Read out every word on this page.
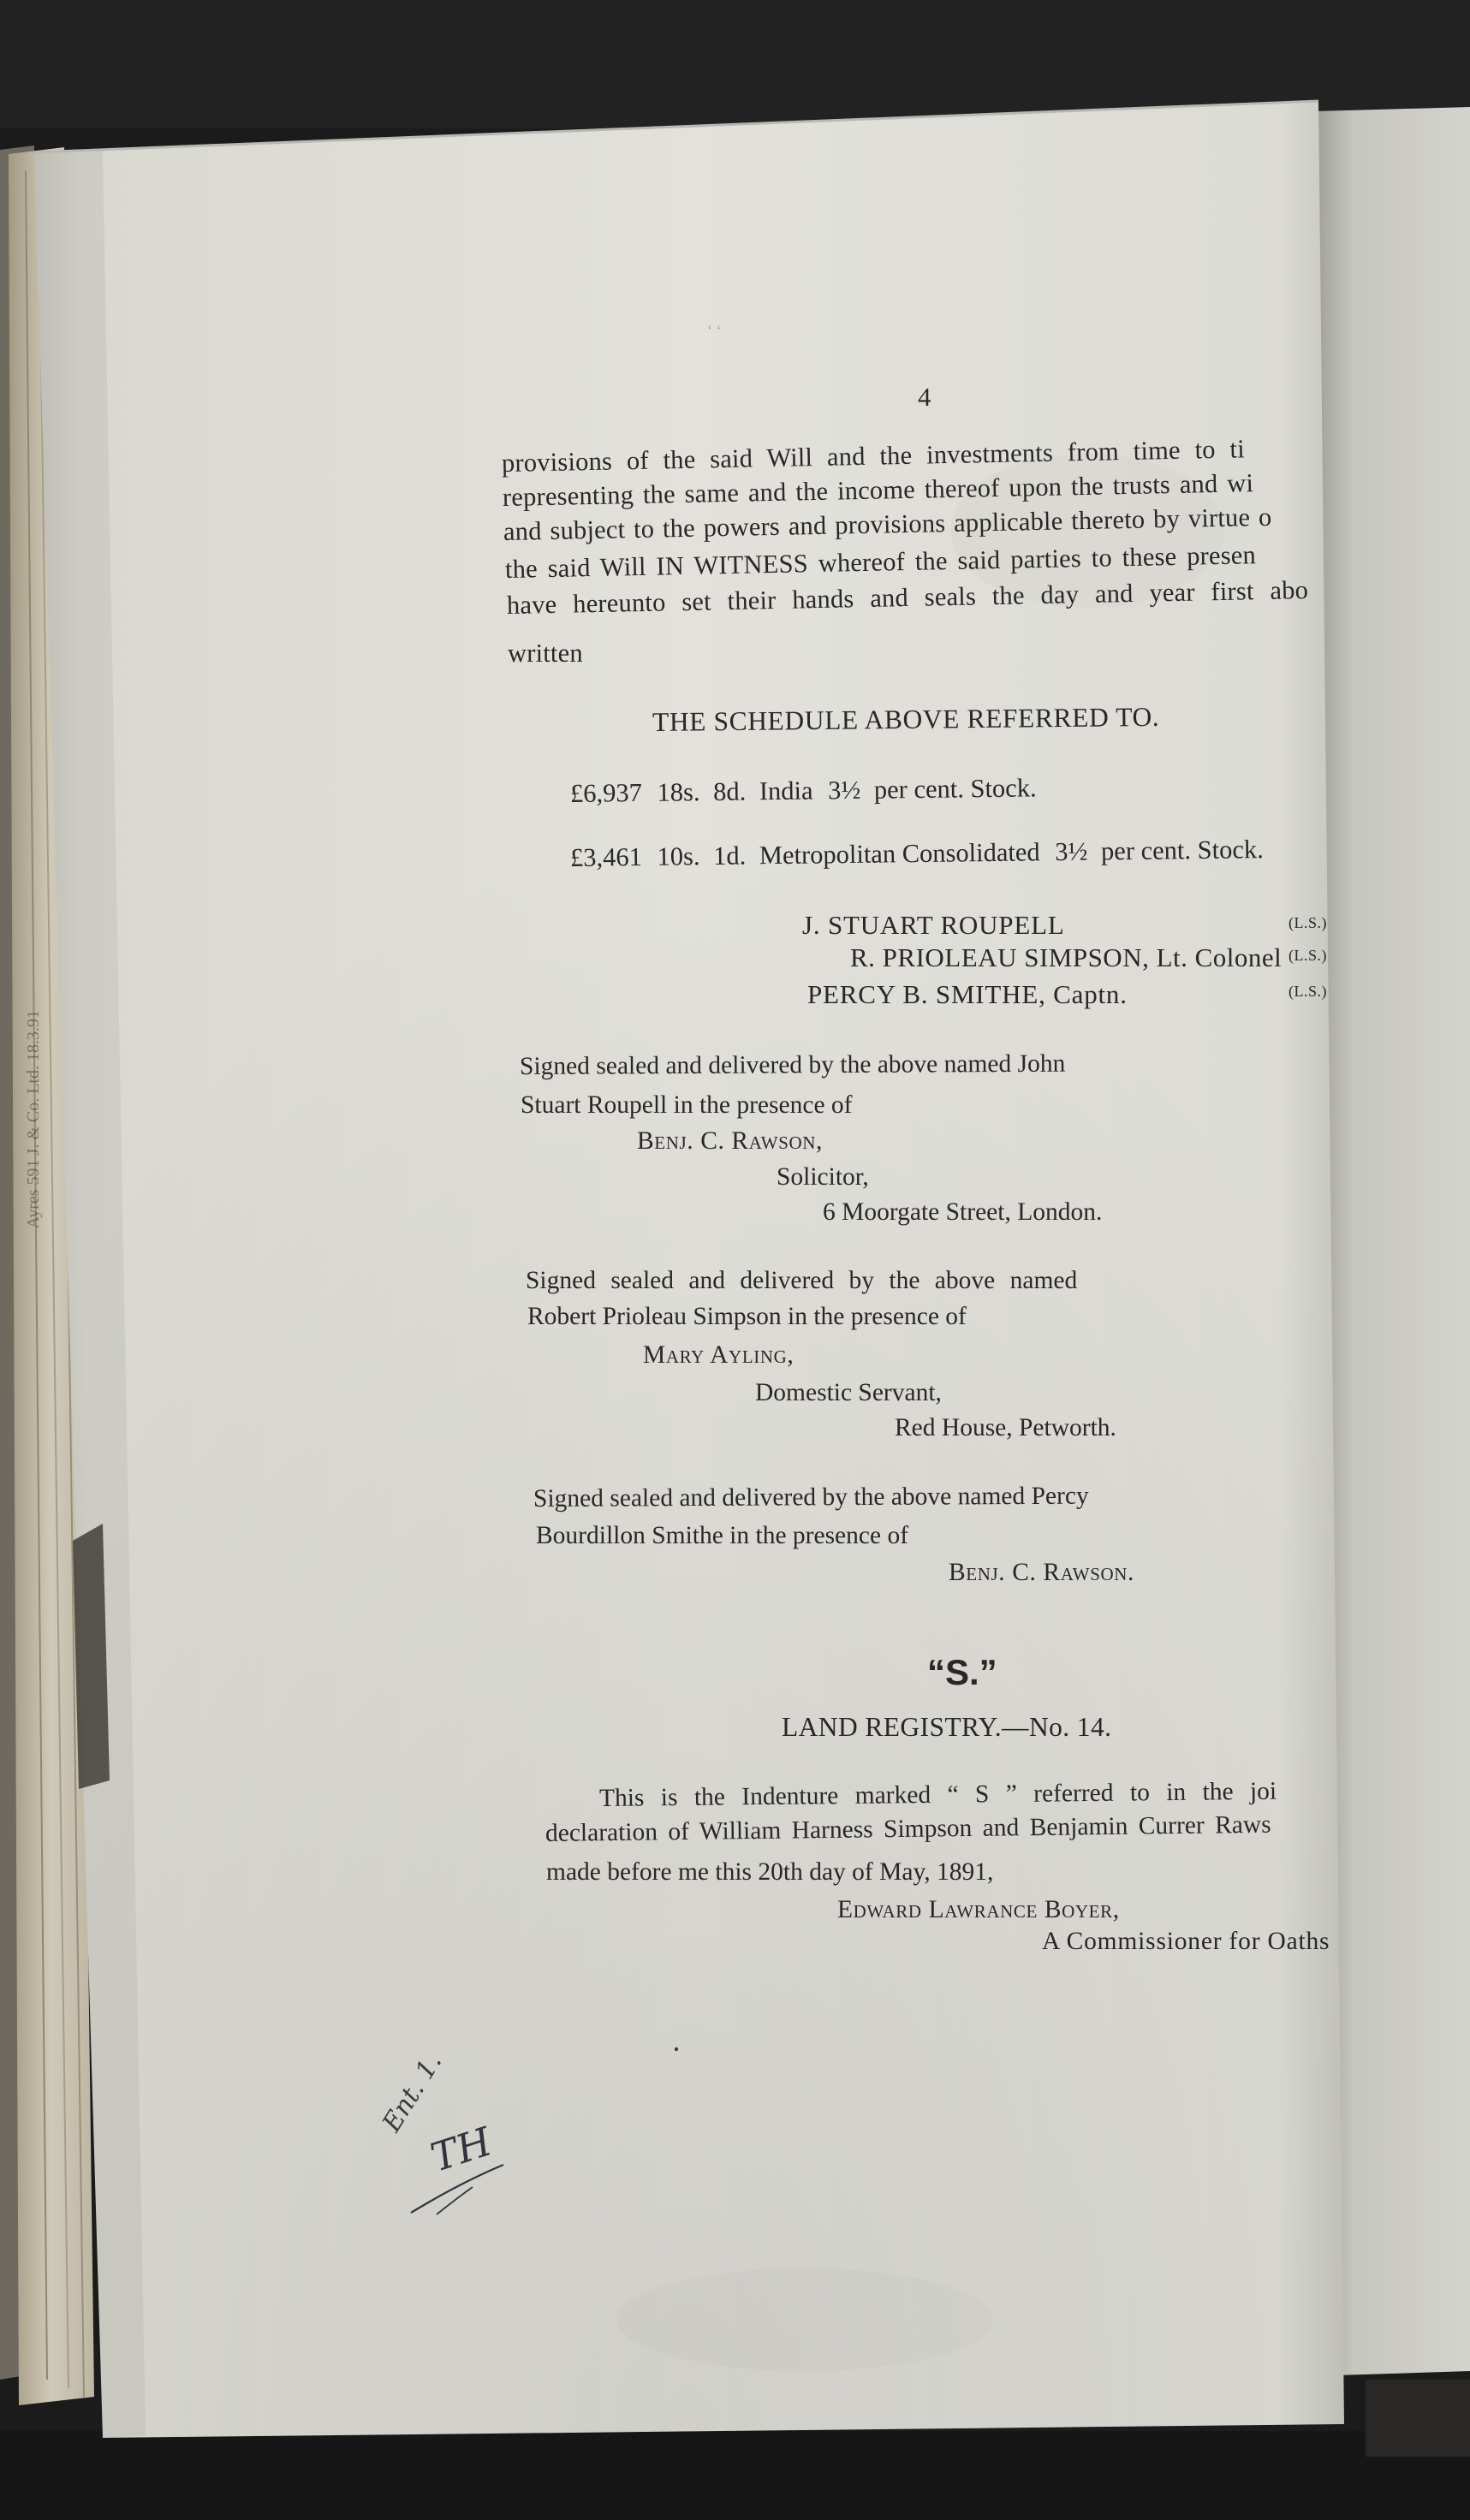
Ayres 591 J. & Co. Ltd. 18.3.91
‘ ‘
4
provisions of the said Will and the investments from time to ti
representing the same and the income thereof upon the trusts and wi
and subject to the powers and provisions applicable thereto by virtue o
the said Will IN WITNESS whereof the said parties to these presen
have hereunto set their hands and seals the day and year first abo
written
THE SCHEDULE ABOVE REFERRED TO.
£6,937 18s. 8d. India 3½ per cent. Stock.
£3,461 10s. 1d. Metropolitan Consolidated 3½ per cent. Stock.
J. STUART ROUPELL	(L.S.)
R. PRIOLEAU SIMPSON, Lt. Colonel (L.S.)
PERCY B. SMITHE, Captn.	(L.S.)
Signed sealed and delivered by the above named John
Stuart Roupell in the presence of
Benj. C. Rawson,
Solicitor,
6 Moorgate Street, London.
Signed sealed and delivered by the above named
Robert Prioleau Simpson in the presence of
Mary Ayling,
Domestic Servant,
Red House, Petworth.
Signed sealed and delivered by the above named Percy
Bourdillon Smithe in the presence of
Benj. C. Rawson.
“S.”
LAND REGISTRY.—No. 14.
This is the Indenture marked “ S ” referred to in the joi
declaration of William Harness Simpson and Benjamin Currer Raws
made before me this 20th day of May, 1891,
Edward Lawrance Boyer,
A Commissioner for Oaths
Ent. 1.
TH
